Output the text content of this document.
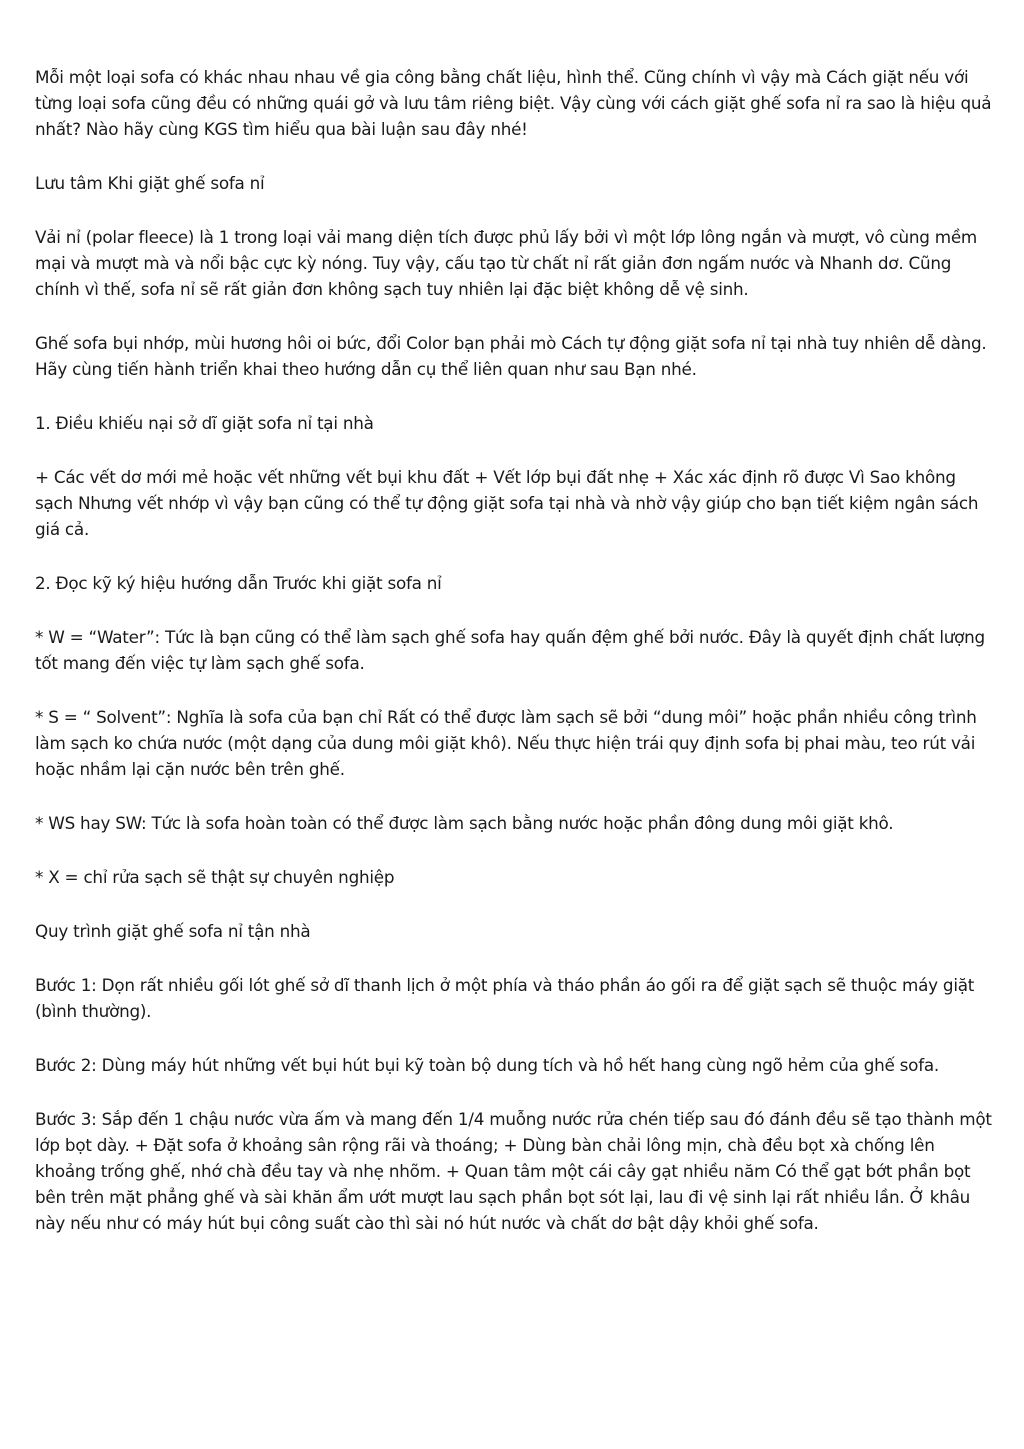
Mỗi một loại sofa có khác nhau nhau về gia công bằng chất liệu, hình thể. Cũng chính vì vậy mà Cách giặt nếu với từng loại sofa cũng đều có những quái gở và lưu tâm riêng biệt. Vậy cùng với cách giặt ghế sofa nỉ ra sao là hiệu quả nhất? Nào hãy cùng KGS tìm hiểu qua bài luận sau đây nhé!

Lưu tâm Khi giặt ghế sofa nỉ

Vải nỉ (polar fleece) là 1 trong loại vải mang diện tích được phủ lấy bởi vì một lớp lông ngắn và mượt, vô cùng mềm mại và mượt mà và nổi bậc cực kỳ nóng. Tuy vậy, cấu tạo từ chất nỉ rất giản đơn ngấm nước và Nhanh dơ. Cũng chính vì thế, sofa nỉ sẽ rất giản đơn không sạch tuy nhiên lại đặc biệt không dễ vệ sinh.

Ghế sofa bụi nhớp, mùi hương hôi oi bức, đổi Color bạn phải mò Cách tự động giặt sofa nỉ tại nhà tuy nhiên dễ dàng. Hãy cùng tiến hành triển khai theo hướng dẫn cụ thể liên quan như sau Bạn nhé.

1. Điều khiếu nại sở dĩ giặt sofa nỉ tại nhà

+ Các vết dơ mới mẻ hoặc vết những vết bụi khu đất + Vết lớp bụi đất nhẹ + Xác xác định rõ được Vì Sao không sạch Nhưng vết nhớp vì vậy bạn cũng có thể tự động giặt sofa tại nhà và nhờ vậy giúp cho bạn tiết kiệm ngân sách giá cả.

2. Đọc kỹ ký hiệu hướng dẫn Trước khi giặt sofa nỉ

* W = “Water”: Tức là bạn cũng có thể làm sạch ghế sofa hay quấn đệm ghế bởi nước. Đây là quyết định chất lượng tốt mang đến việc tự làm sạch ghế sofa.

* S = “ Solvent”: Nghĩa là sofa của bạn chỉ Rất có thể được làm sạch sẽ bởi “dung môi” hoặc phần nhiều công trình làm sạch ko chứa nước (một dạng của dung môi giặt khô). Nếu thực hiện trái quy định sofa bị phai màu, teo rút vải hoặc nhầm lại cặn nước bên trên ghế.

* WS hay SW: Tức là sofa hoàn toàn có thể được làm sạch bằng nước hoặc phần đông dung môi giặt khô.

* X = chỉ rửa sạch sẽ thật sự chuyên nghiệp

Quy trình giặt ghế sofa nỉ tận nhà

Bước 1: Dọn rất nhiều gối lót ghế sở dĩ thanh lịch ở một phía và tháo phần áo gối ra để giặt sạch sẽ thuộc máy giặt (bình thường).

Bước 2: Dùng máy hút những vết bụi hút bụi kỹ toàn bộ dung tích và hồ hết hang cùng ngõ hẻm của ghế sofa.

Bước 3: Sắp đến 1 chậu nước vừa ấm và mang đến 1/4 muỗng nước rửa chén tiếp sau đó đánh đều sẽ tạo thành một lớp bọt dày. + Đặt sofa ở khoảng sân rộng rãi và thoáng; + Dùng bàn chải lông mịn, chà đều bọt xà chống lên khoảng trống ghế, nhớ chà đều tay và nhẹ nhõm. + Quan tâm một cái cây gạt nhiều năm Có thể gạt bớt phần bọt bên trên mặt phẳng ghế và sài khăn ẩm ướt mượt lau sạch phần bọt sót lại, lau đi vệ sinh lại rất nhiều lần. Ở khâu này nếu như có máy hút bụi công suất cào thì sài nó hút nước và chất dơ bật dậy khỏi ghế sofa.
